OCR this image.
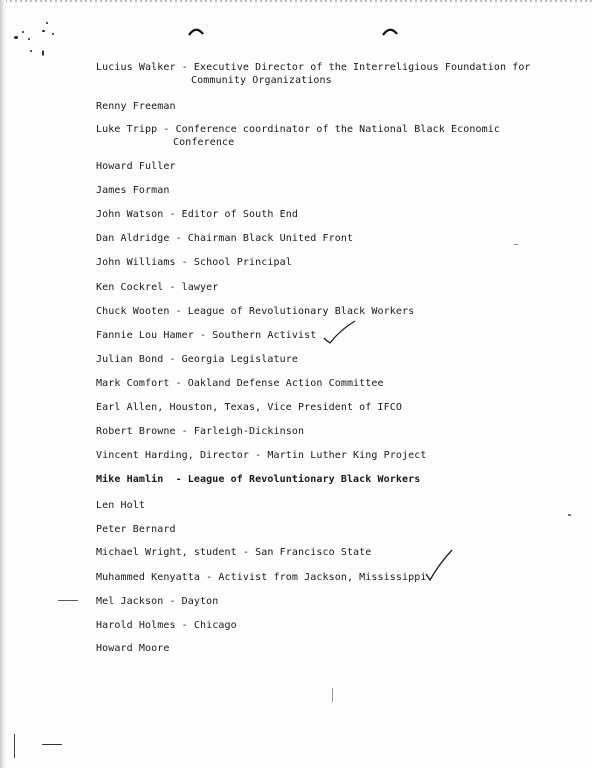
Lucius Walker - Executive Director of the Interreligious Foundation for
Community Organizations
Renny Freeman
Luke Tripp - Conference coordinator of the National Black Economic
Conference
Howard Fuller
James Forman
John Watson - Editor of South End
Dan Aldridge - Chairman Black United Front
John Williams - School Principal
Ken Cockrel - lawyer
Chuck Wooten - League of Revolutionary Black Workers
Fannie Lou Hamer - Southern Activist
Julian Bond - Georgia Legislature
Mark Comfort - Oakland Defense Action Committee
Earl Allen, Houston, Texas, Vice President of IFCO
Robert Browne - Farleigh-Dickinson
Vincent Harding, Director - Martin Luther King Project
Mike Hamlin  - League of Revoluntionary Black Workers
Len Holt
Peter Bernard
Michael Wright, student - San Francisco State
Muhammed Kenyatta - Activist from Jackson, Mississippi
Mel Jackson - Dayton
Harold Holmes - Chicago
Howard Moore
